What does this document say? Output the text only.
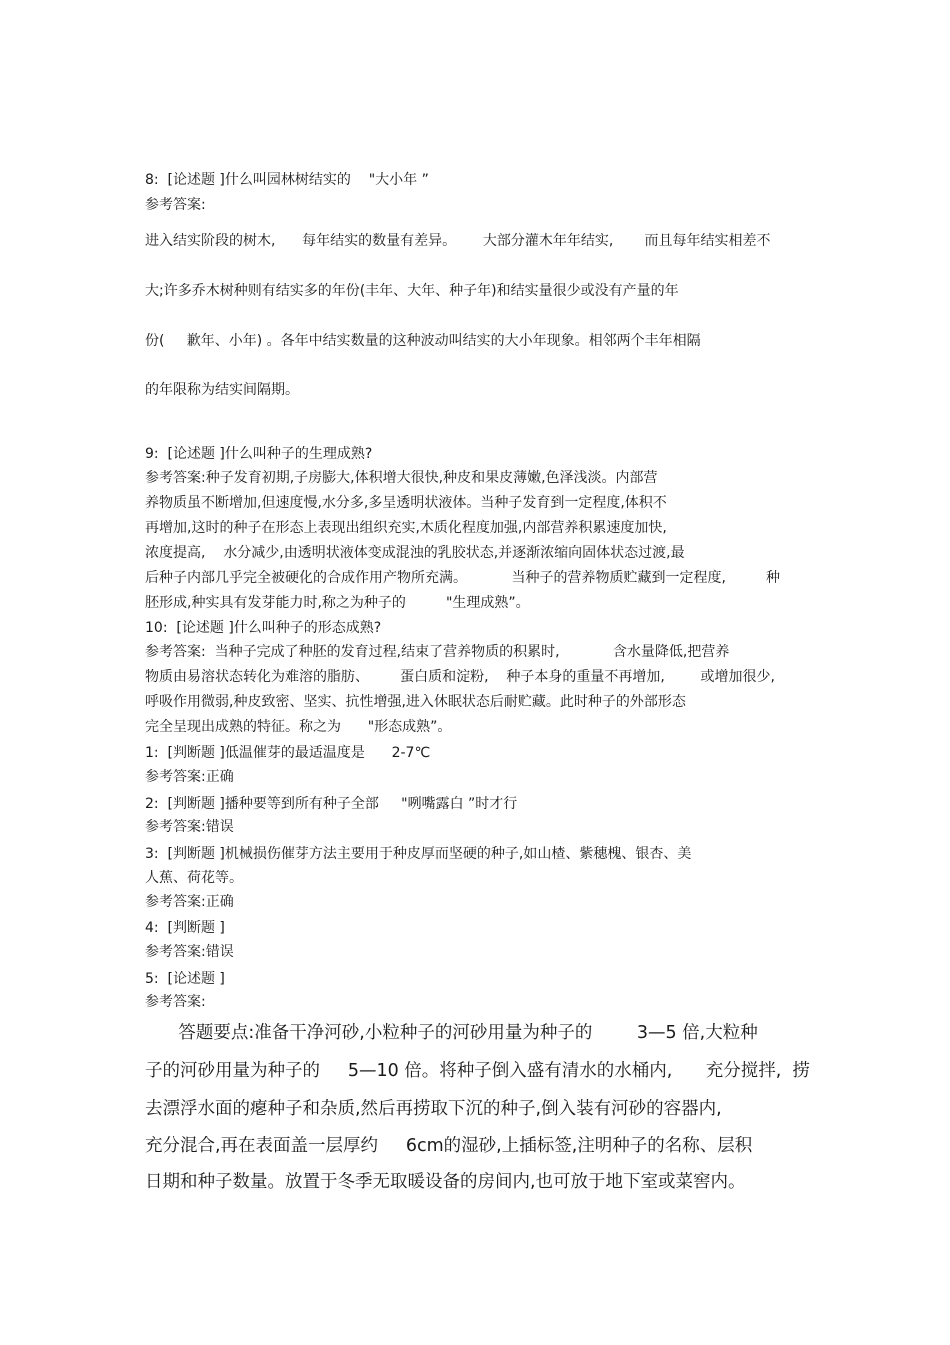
8:  [论述题 ]什么叫园林树结实的    "大小年 ”
参考答案:
进入结实阶段的树木,      每年结实的数量有差异。      大部分灌木年年结实,       而且每年结实相差不
大;许多乔木树种则有结实多的年份(丰年、大年、种子年)和结实量很少或没有产量的年
份(     歉年、小年) 。各年中结实数量的这种波动叫结实的大小年现象。相邻两个丰年相隔
的年限称为结实间隔期。
9:  [论述题 ]什么叫种子的生理成熟?
参考答案:种子发育初期,子房膨大,体积增大很快,种皮和果皮薄嫩,色泽浅淡。内部营
养物质虽不断增加,但速度慢,水分多,多呈透明状液体。当种子发育到一定程度,体积不
再增加,这时的种子在形态上表现出组织充实,木质化程度加强,内部营养积累速度加快,
浓度提高,    水分减少,由透明状液体变成混浊的乳胶状态,并逐渐浓缩向固体状态过渡,最
后种子内部几乎完全被硬化的合成作用产物所充满。          当种子的营养物质贮藏到一定程度,         种
胚形成,种实具有发芽能力时,称之为种子的         "生理成熟”。
10:  [论述题 ]什么叫种子的形态成熟?
参考答案:  当种子完成了种胚的发育过程,结束了营养物质的积累时,            含水量降低,把营养
物质由易溶状态转化为难溶的脂肪、       蛋白质和淀粉,    种子本身的重量不再增加,        或增加很少,
呼吸作用微弱,种皮致密、坚实、抗性增强,进入休眠状态后耐贮藏。此时种子的外部形态
完全呈现出成熟的特征。称之为      "形态成熟”。
1:  [判断题 ]低温催芽的最适温度是      2-7℃
参考答案:正确
2:  [判断题 ]播种要等到所有种子全部     "咧嘴露白 ”时才行
参考答案:错误
3:  [判断题 ]机械损伤催芽方法主要用于种皮厚而坚硬的种子,如山楂、紫穗槐、银杏、美
人蕉、荷花等。
参考答案:正确
4:  [判断题 ]
参考答案:错误
5:  [论述题 ]
参考答案:
答题要点:准备干净河砂,小粒种子的河砂用量为种子的        3—5 倍,大粒种
子的河砂用量为种子的     5—10 倍。将种子倒入盛有清水的水桶内,      充分搅拌,  捞
去漂浮水面的瘪种子和杂质,然后再捞取下沉的种子,倒入装有河砂的容器内,
充分混合,再在表面盖一层厚约     6cm的湿砂,上插标签,注明种子的名称、层积
日期和种子数量。放置于冬季无取暖设备的房间内,也可放于地下室或菜窖内。
